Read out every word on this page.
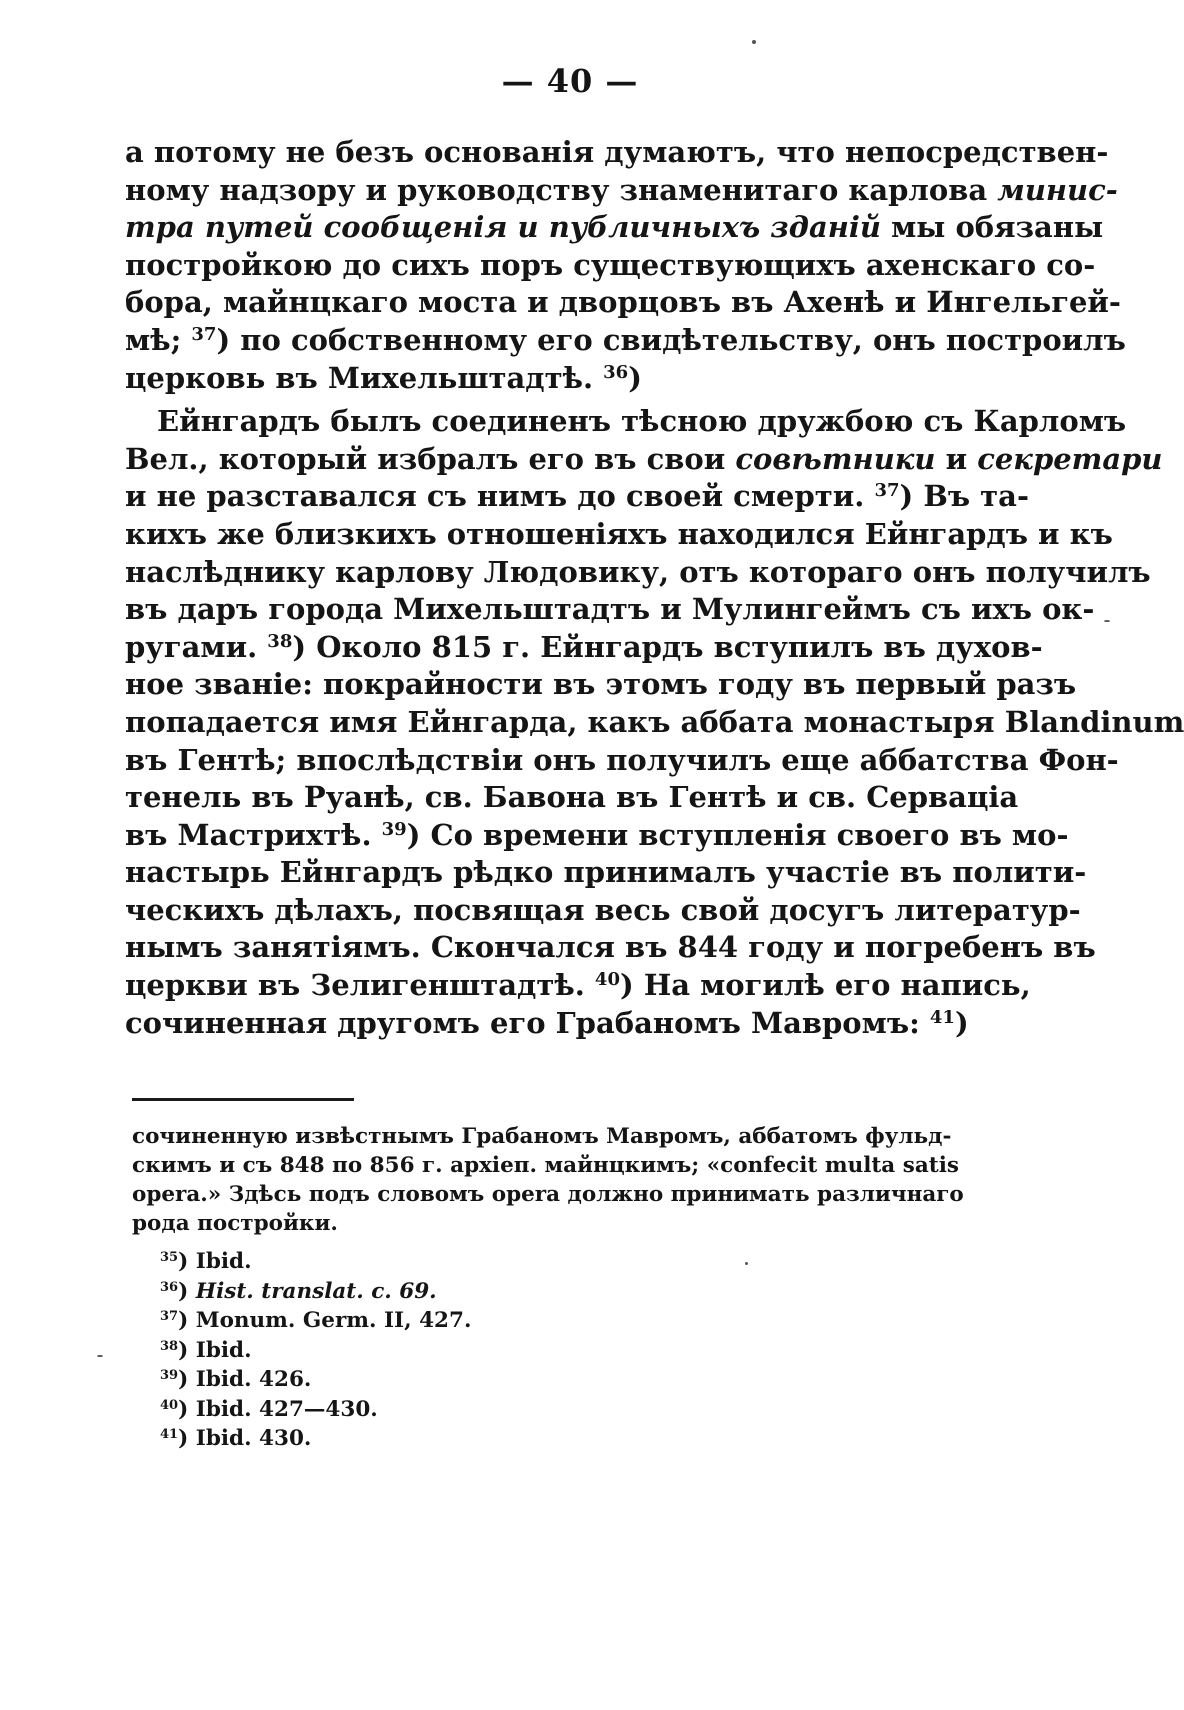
— 40 —
а потому не безъ основанія думаютъ, что непосредствен-
ному надзору и руководству знаменитаго карлова минис-
тра путей сообщенія и публичныхъ зданій мы обязаны
постройкою до сихъ поръ существующихъ ахенскаго со-
бора, майнцкаго моста и дворцовъ въ Ахенѣ и Ингельгей-
мѣ; $^{37}$) по собственному его свидѣтельству, онъ построилъ
церковь въ Михельштадтѣ. $^{36}$)
Ейнгардъ былъ соединенъ тѣсною дружбою съ Карломъ
Вел., который избралъ его въ свои совѣтники и секретари
и не разставался съ нимъ до своей смерти. $^{37}$) Въ та-
кихъ же близкихъ отношеніяхъ находился Ейнгардъ и къ
наслѣднику карлову Людовику, отъ котораго онъ получилъ
въ даръ города Михельштадтъ и Мулингеймъ съ ихъ ок-
ругами. $^{38}$) Около 815 г. Ейнгардъ вступилъ въ духов-
ное званіе: покрайности въ этомъ году въ первый разъ
попадается имя Ейнгарда, какъ аббата монастыря Blandinum
въ Гентѣ; впослѣдствіи онъ получилъ еще аббатства Фон-
тенель въ Руанѣ, св. Бавона въ Гентѣ и св. Серваціа
въ Мастрихтѣ. $^{39}$) Со времени вступленія своего въ мо-
настырь Ейнгардъ рѣдко принималъ участіе въ полити-
ческихъ дѣлахъ, посвящая весь свой досугъ литератур-
нымъ занятіямъ. Скончался въ 844 году и погребенъ въ
церкви въ Зелигенштадтѣ. $^{40}$) На могилѣ его напись,
сочиненная другомъ его Грабаномъ Мавромъ: $^{41}$)
сочиненную извѣстнымъ Грабаномъ Мавромъ, аббатомъ фульд-
скимъ и съ 848 по 856 г. архіеп. майнцкимъ; «confecit multa satis
opera.» Здѣсь подъ словомъ opera должно принимать различнаго
рода постройки.
$^{35}$) Ibid.
$^{36}$) Hist. translat. c. 69.
$^{37}$) Monum. Germ. II, 427.
$^{38}$) Ibid.
$^{39}$) Ibid. 426.
$^{40}$) Ibid. 427—430.
$^{41}$) Ibid. 430.
